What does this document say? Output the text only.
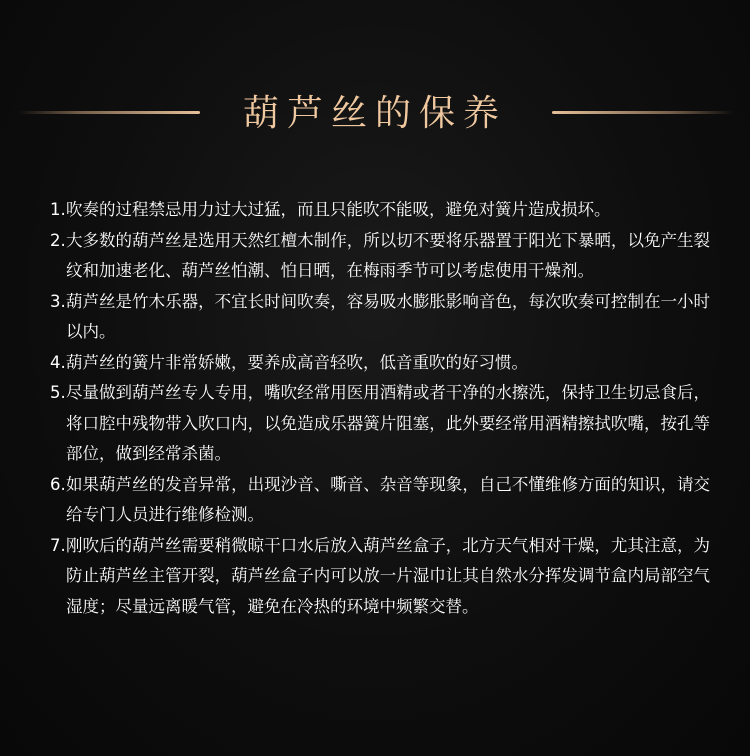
葫芦丝的保养
1. 吹奏的过程禁忌用力过大过猛，而且只能吹不能吸，避免对簧片造成损坏。
2. 大多数的葫芦丝是选用天然红檀木制作，所以切不要将乐器置于阳光下暴晒，以免产生裂纹和加速老化、葫芦丝怕潮、怕日晒，在梅雨季节可以考虑使用干燥剂。
3. 葫芦丝是竹木乐器，不宜长时间吹奏，容易吸水膨胀影响音色，每次吹奏可控制在一小时以内。
4. 葫芦丝的簧片非常娇嫩，要养成高音轻吹，低音重吹的好习惯。
5. 尽量做到葫芦丝专人专用，嘴吹经常用医用酒精或者干净的水擦洗，保持卫生切忌食后，将口腔中残物带入吹口内，以免造成乐器簧片阻塞，此外要经常用酒精擦拭吹嘴，按孔等部位，做到经常杀菌。
6. 如果葫芦丝的发音异常，出现沙音、嘶音、杂音等现象，自己不懂维修方面的知识，请交给专门人员进行维修检测。
7. 刚吹后的葫芦丝需要稍微晾干口水后放入葫芦丝盒子，北方天气相对干燥，尤其注意，为防止葫芦丝主管开裂，葫芦丝盒子内可以放一片湿巾让其自然水分挥发调节盒内局部空气湿度；尽量远离暖气管，避免在冷热的环境中频繁交替。
